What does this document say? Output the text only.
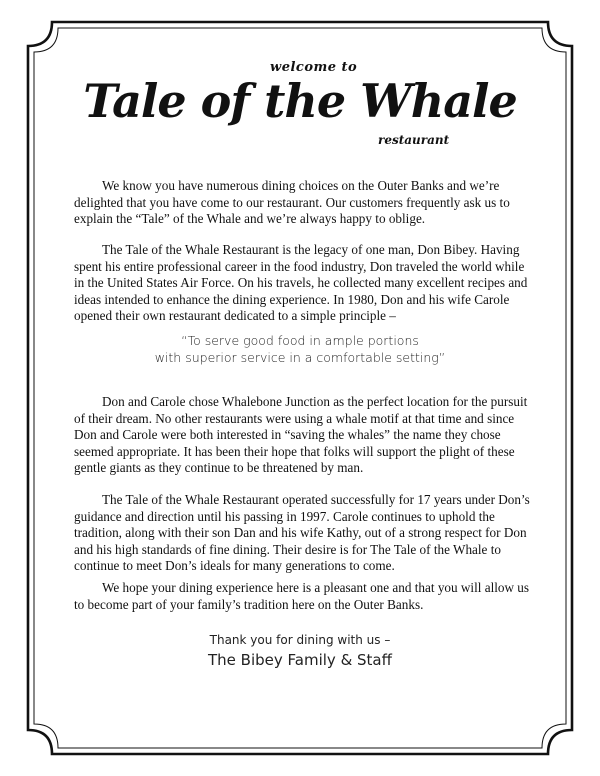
welcome to
Tale of the Whale
restaurant

We know you have numerous dining choices on the Outer Banks and we’re delighted that you have come to our restaurant. Our customers frequently ask us to explain the “Tale” of the Whale and we’re always happy to oblige.

The Tale of the Whale Restaurant is the legacy of one man, Don Bibey. Having spent his entire professional career in the food industry, Don traveled the world while in the United States Air Force. On his travels, he collected many excellent recipes and ideas intended to enhance the dining experience. In 1980, Don and his wife Carole opened their own restaurant dedicated to a simple principle –

“To serve good food in ample portions
with superior service in a comfortable setting”

Don and Carole chose Whalebone Junction as the perfect location for the pursuit of their dream. No other restaurants were using a whale motif at that time and since Don and Carole were both interested in “saving the whales” the name they chose seemed appropriate. It has been their hope that folks will support the plight of these gentle giants as they continue to be threatened by man.

The Tale of the Whale Restaurant operated successfully for 17 years under Don’s guidance and direction until his passing in 1997. Carole continues to uphold the tradition, along with their son Dan and his wife Kathy, out of a strong respect for Don and his high standards of fine dining. Their desire is for The Tale of the Whale to continue to meet Don’s ideals for many generations to come.

We hope your dining experience here is a pleasant one and that you will allow us to become part of your family’s tradition here on the Outer Banks.

Thank you for dining with us –
The Bibey Family & Staff
